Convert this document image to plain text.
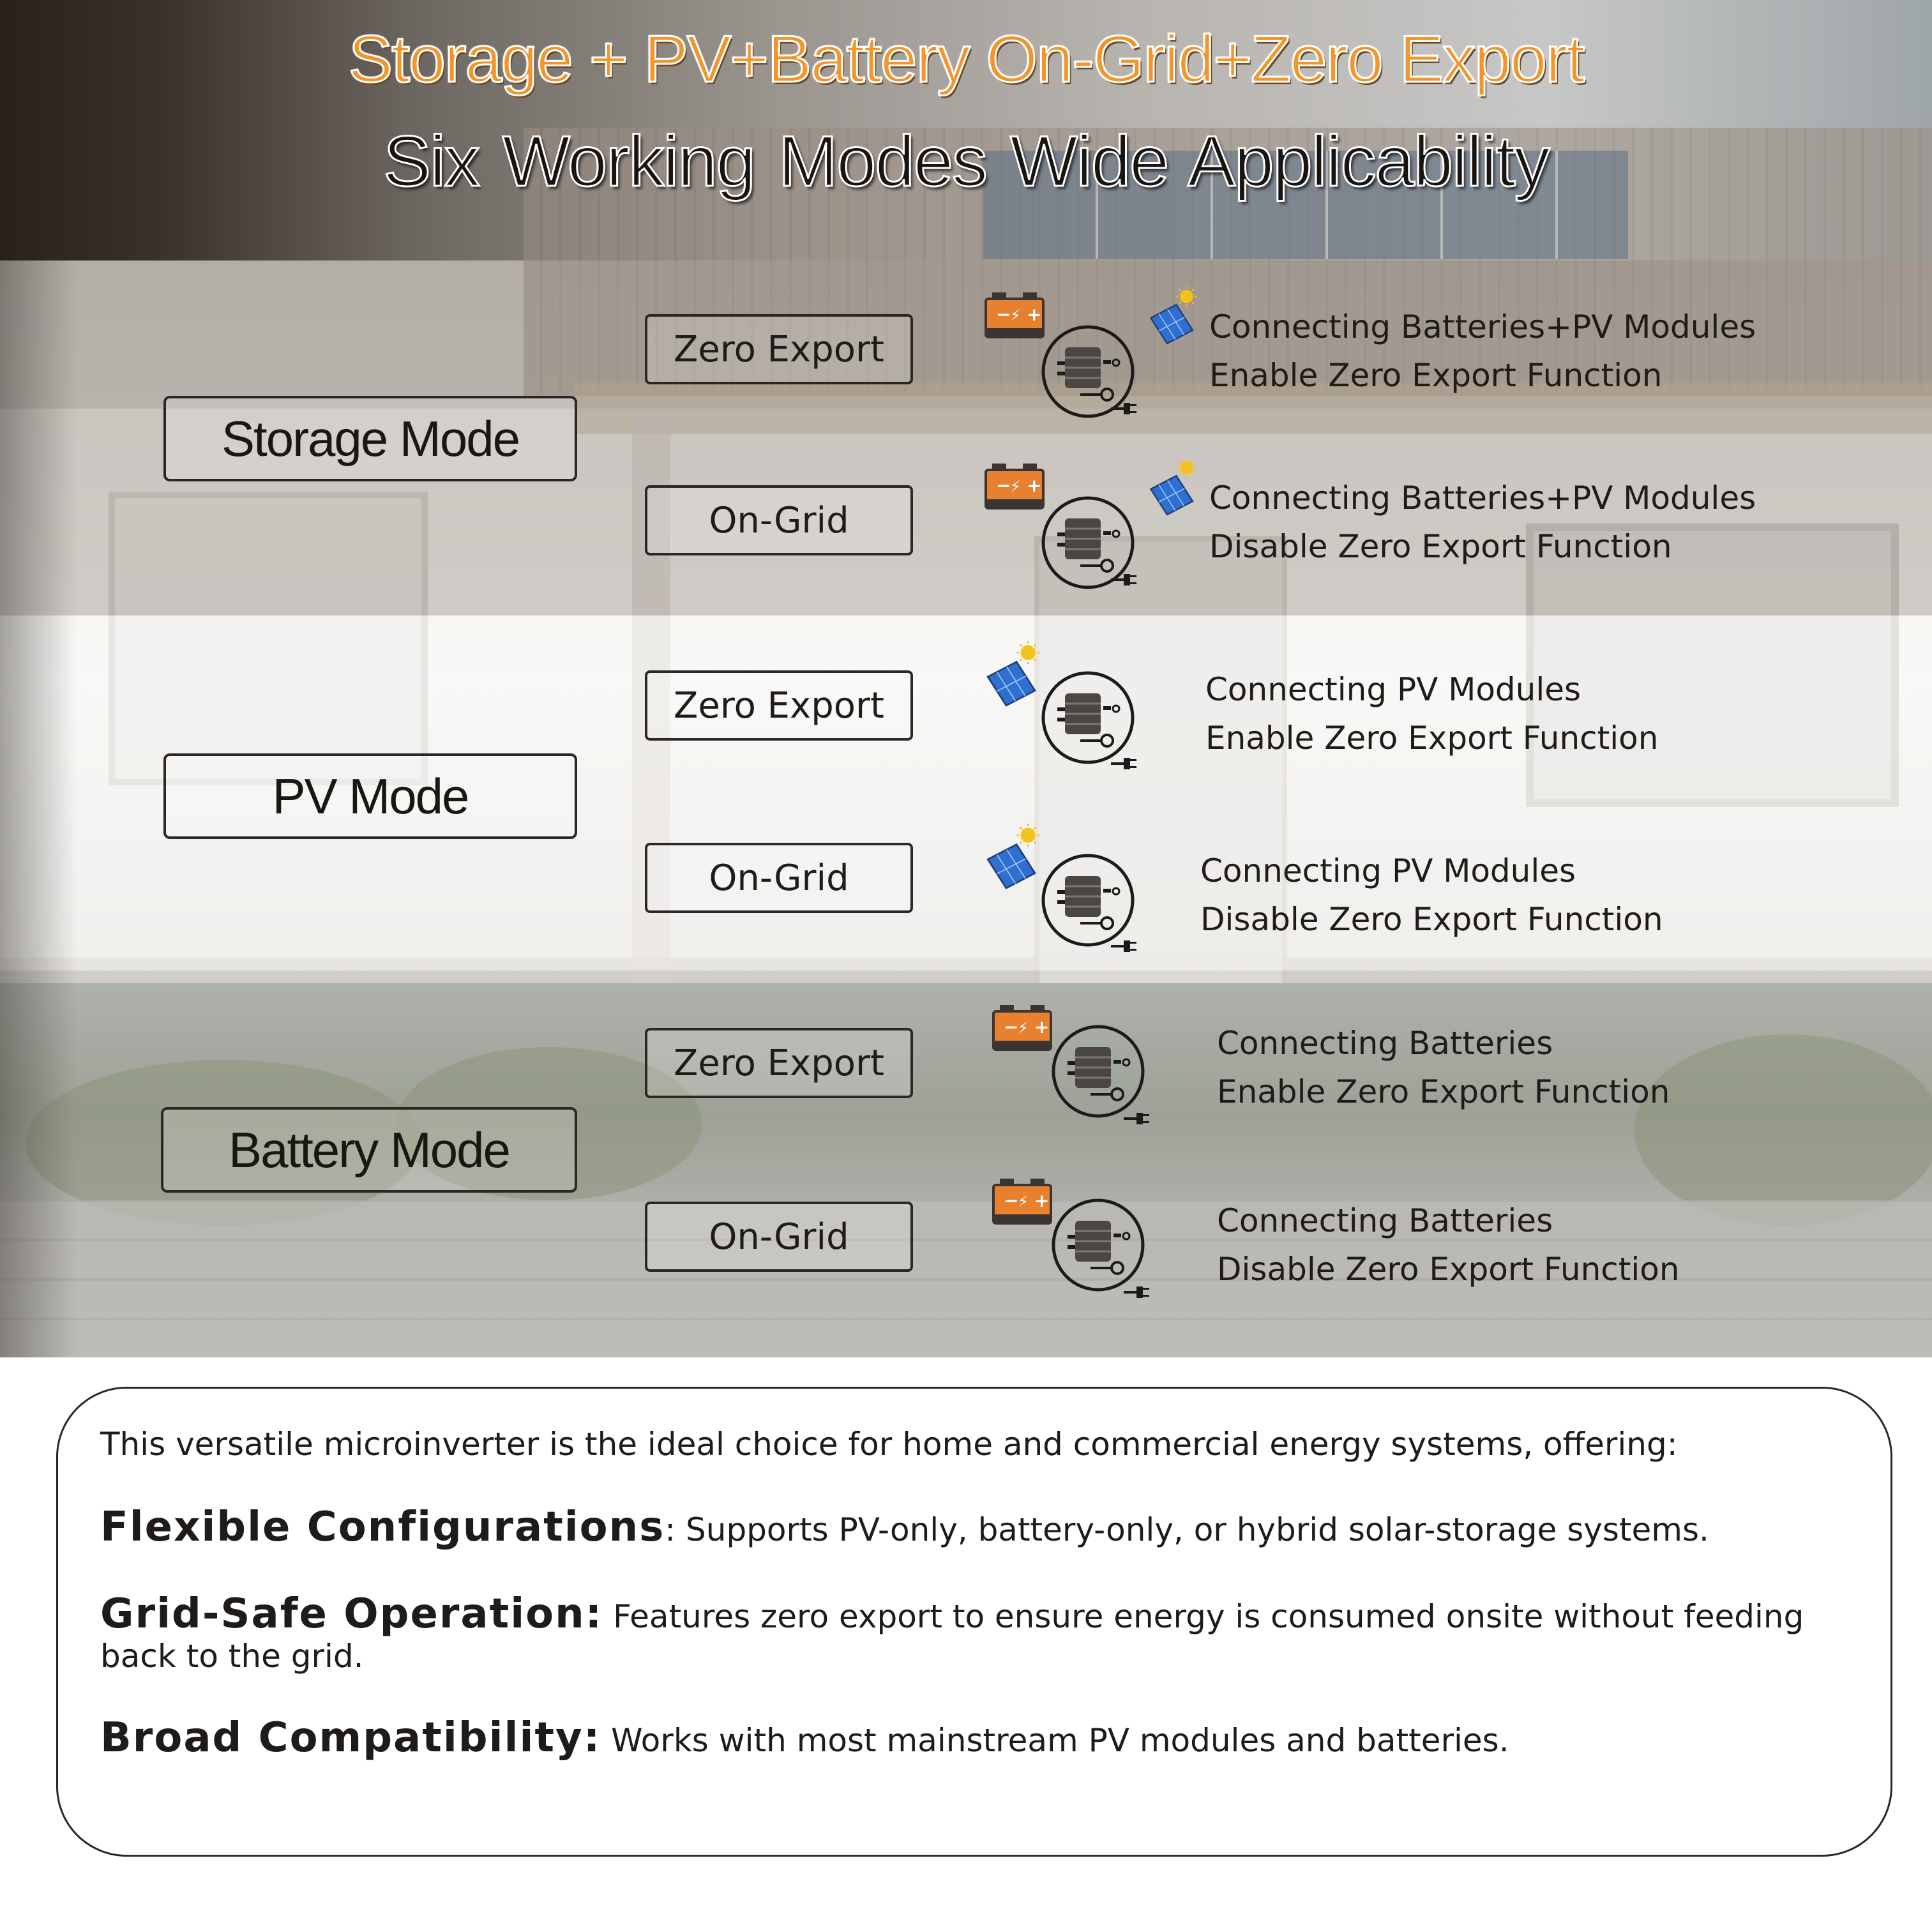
Storage + PV+Battery On-Grid+Zero Export
Six Working Modes Wide Applicability
Storage Mode
PV Mode
Battery Mode
Zero Export
On-Grid
Zero Export
On-Grid
Zero Export
On-Grid
Connecting Batteries+PV Modules
Enable Zero Export Function
Connecting Batteries+PV Modules
Disable Zero Export Function
Connecting PV Modules
Enable Zero Export Function
Connecting PV Modules
Disable Zero Export Function
Connecting Batteries
Enable Zero Export Function
Connecting Batteries
Disable Zero Export Function
This versatile microinverter is the ideal choice for home and commercial energy systems, offering:
Flexible Configurations: Supports PV-only, battery-only, or hybrid solar-storage systems.
Grid-Safe Operation: Features zero export to ensure energy is consumed onsite without feeding back to the grid.
Broad Compatibility: Works with most mainstream PV modules and batteries.
